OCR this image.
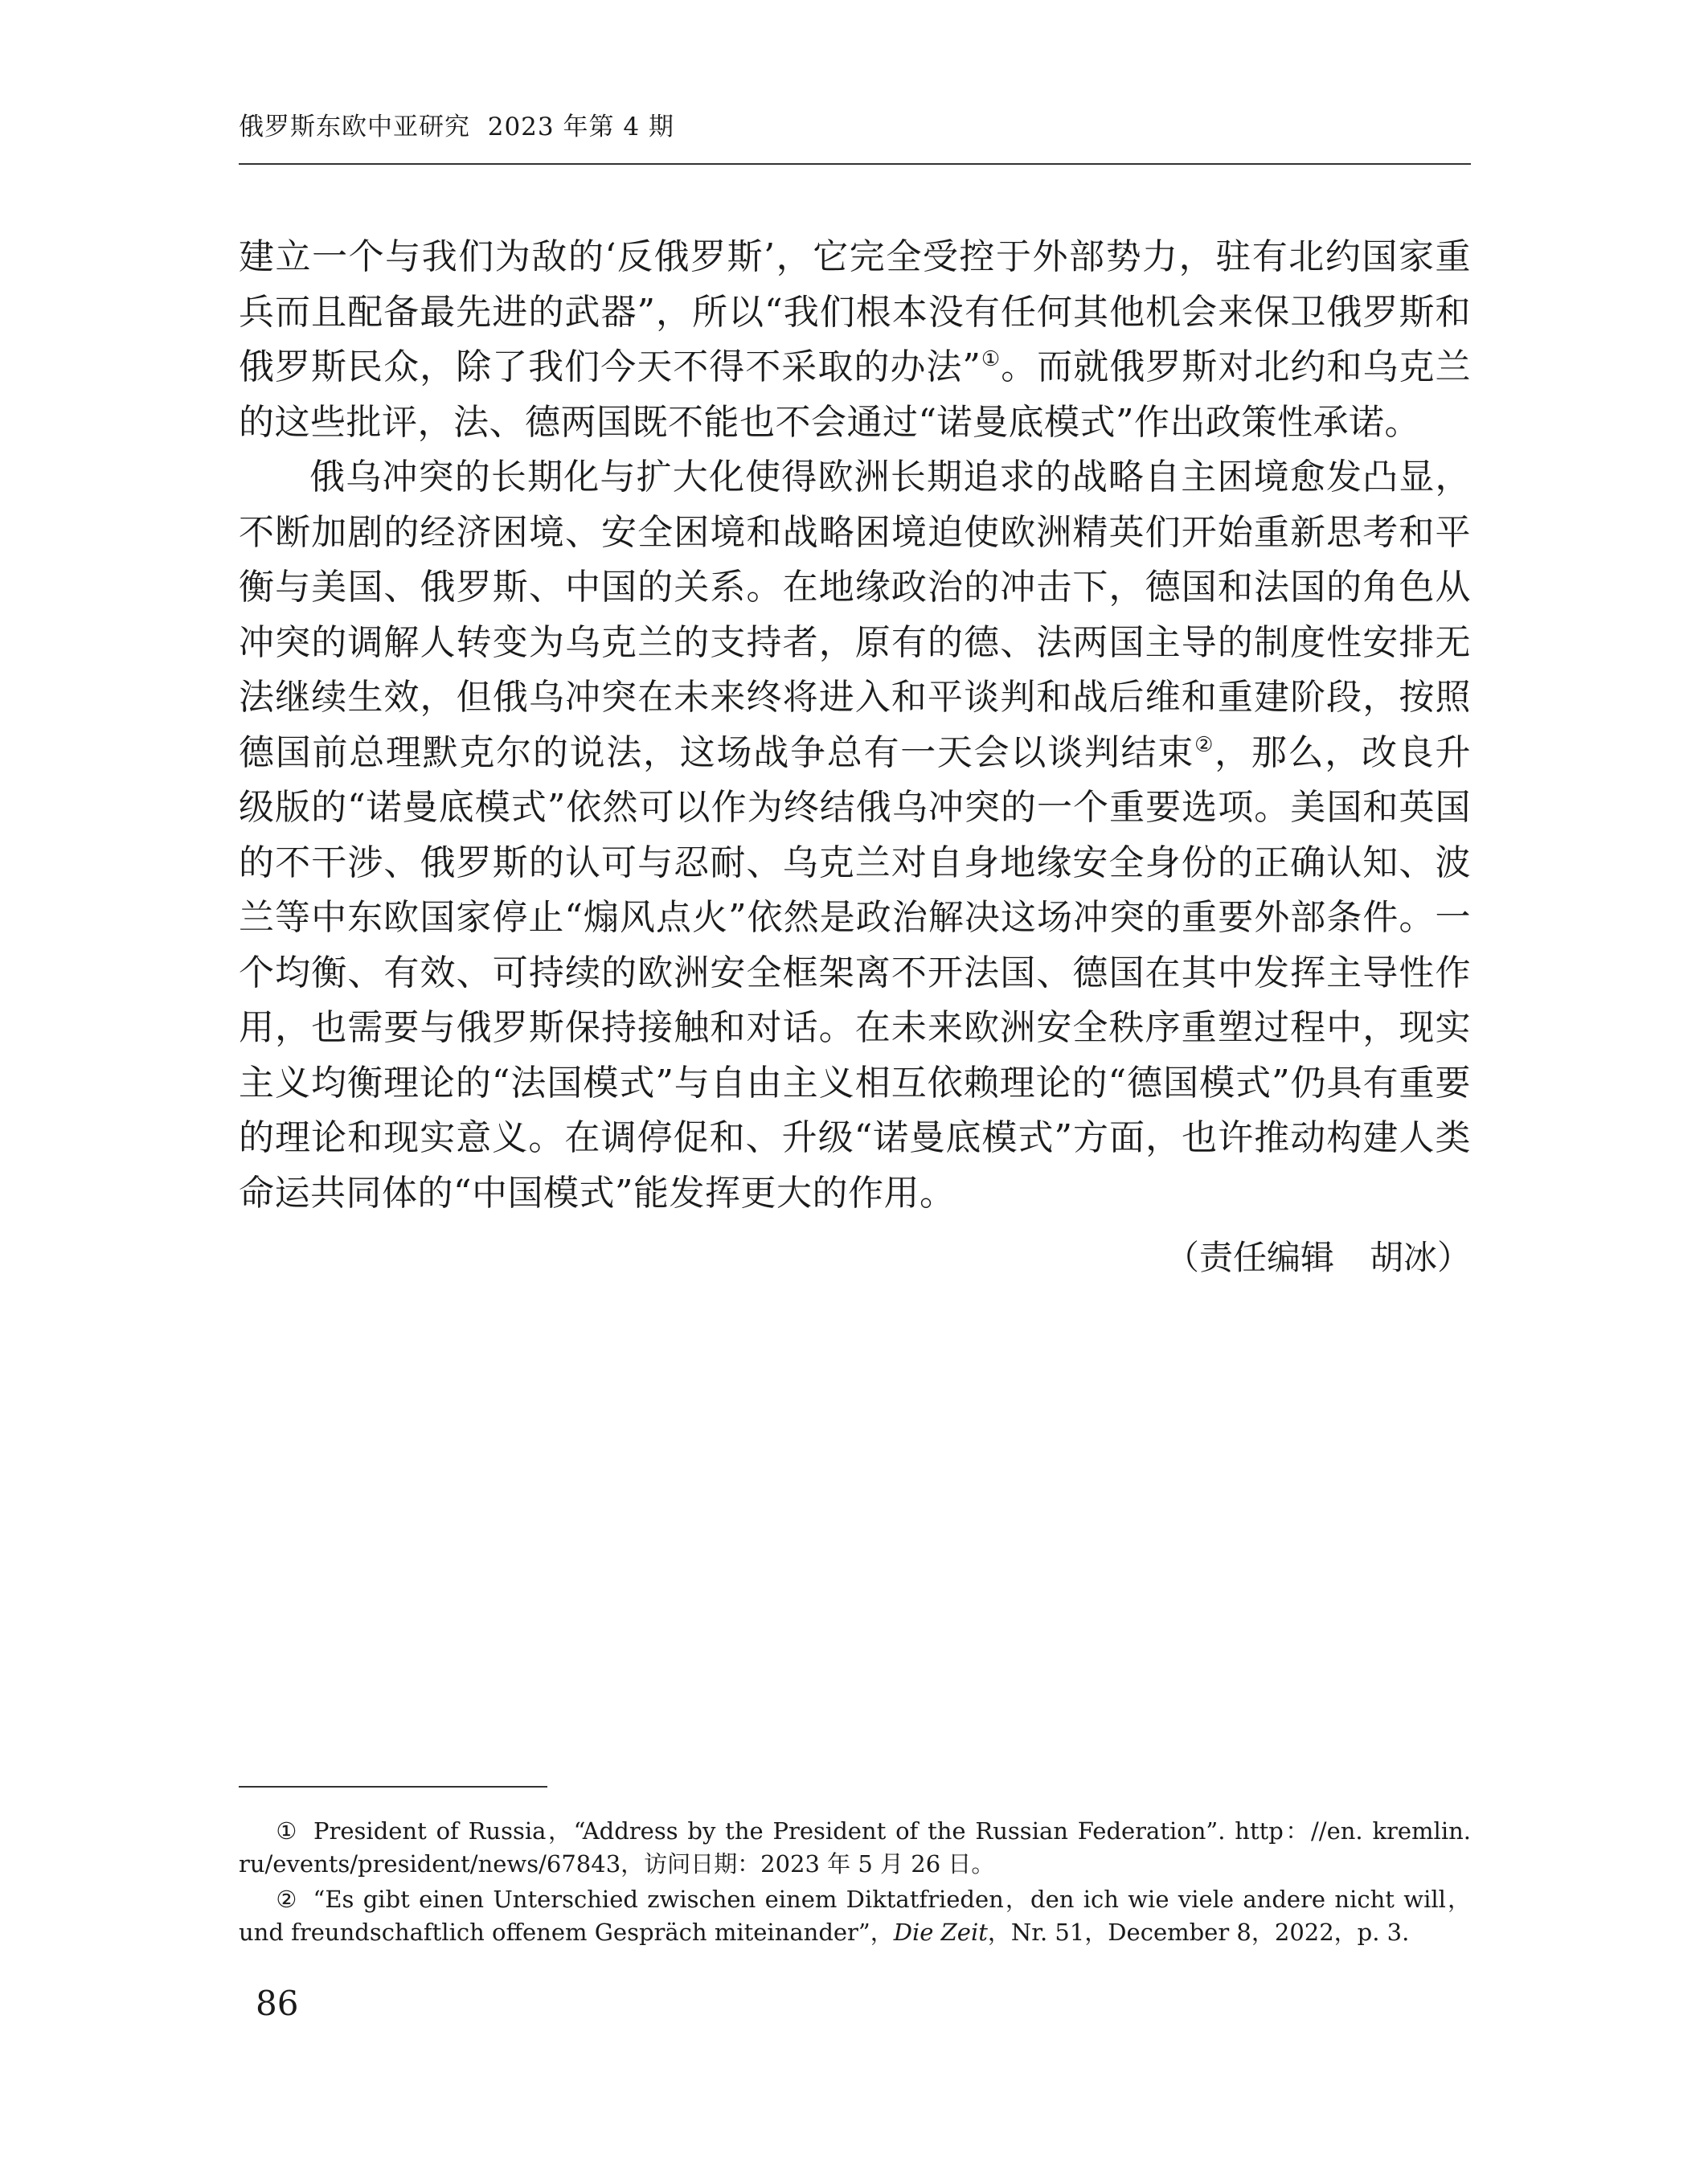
俄罗斯东欧中亚研究 2023 年第 4 期

建立一个与我们为敌的‘反俄罗斯’，它完全受控于外部势力，驻有北约国家重兵而且配备最先进的武器”，所以“我们根本没有任何其他机会来保卫俄罗斯和俄罗斯民众，除了我们今天不得不采取的办法”①。而就俄罗斯对北约和乌克兰的这些批评，法、德两国既不能也不会通过“诺曼底模式”作出政策性承诺。

俄乌冲突的长期化与扩大化使得欧洲长期追求的战略自主困境愈发凸显，不断加剧的经济困境、安全困境和战略困境迫使欧洲精英们开始重新思考和平衡与美国、俄罗斯、中国的关系。在地缘政治的冲击下，德国和法国的角色从冲突的调解人转变为乌克兰的支持者，原有的德、法两国主导的制度性安排无法继续生效，但俄乌冲突在未来终将进入和平谈判和战后维和重建阶段，按照德国前总理默克尔的说法，这场战争总有一天会以谈判结束②，那么，改良升级版的“诺曼底模式”依然可以作为终结俄乌冲突的一个重要选项。美国和英国的不干涉、俄罗斯的认可与忍耐、乌克兰对自身地缘安全身份的正确认知、波兰等中东欧国家停止“煽风点火”依然是政治解决这场冲突的重要外部条件。一个均衡、有效、可持续的欧洲安全框架离不开法国、德国在其中发挥主导性作用，也需要与俄罗斯保持接触和对话。在未来欧洲安全秩序重塑过程中，现实主义均衡理论的“法国模式”与自由主义相互依赖理论的“德国模式”仍具有重要的理论和现实意义。在调停促和、升级“诺曼底模式”方面，也许推动构建人类命运共同体的“中国模式”能发挥更大的作用。

（责任编辑 胡冰）

① President of Russia，“Address by the President of the Russian Federation”. http：//en. kremlin. ru/events/president/news/67843，访问日期：2023 年 5 月 26 日。

② “Es gibt einen Unterschied zwischen einem Diktatfrieden，den ich wie viele andere nicht will，und freundschaftlich offenem Gespräch miteinander”，Die Zeit，Nr. 51，December 8，2022，p. 3.

86
